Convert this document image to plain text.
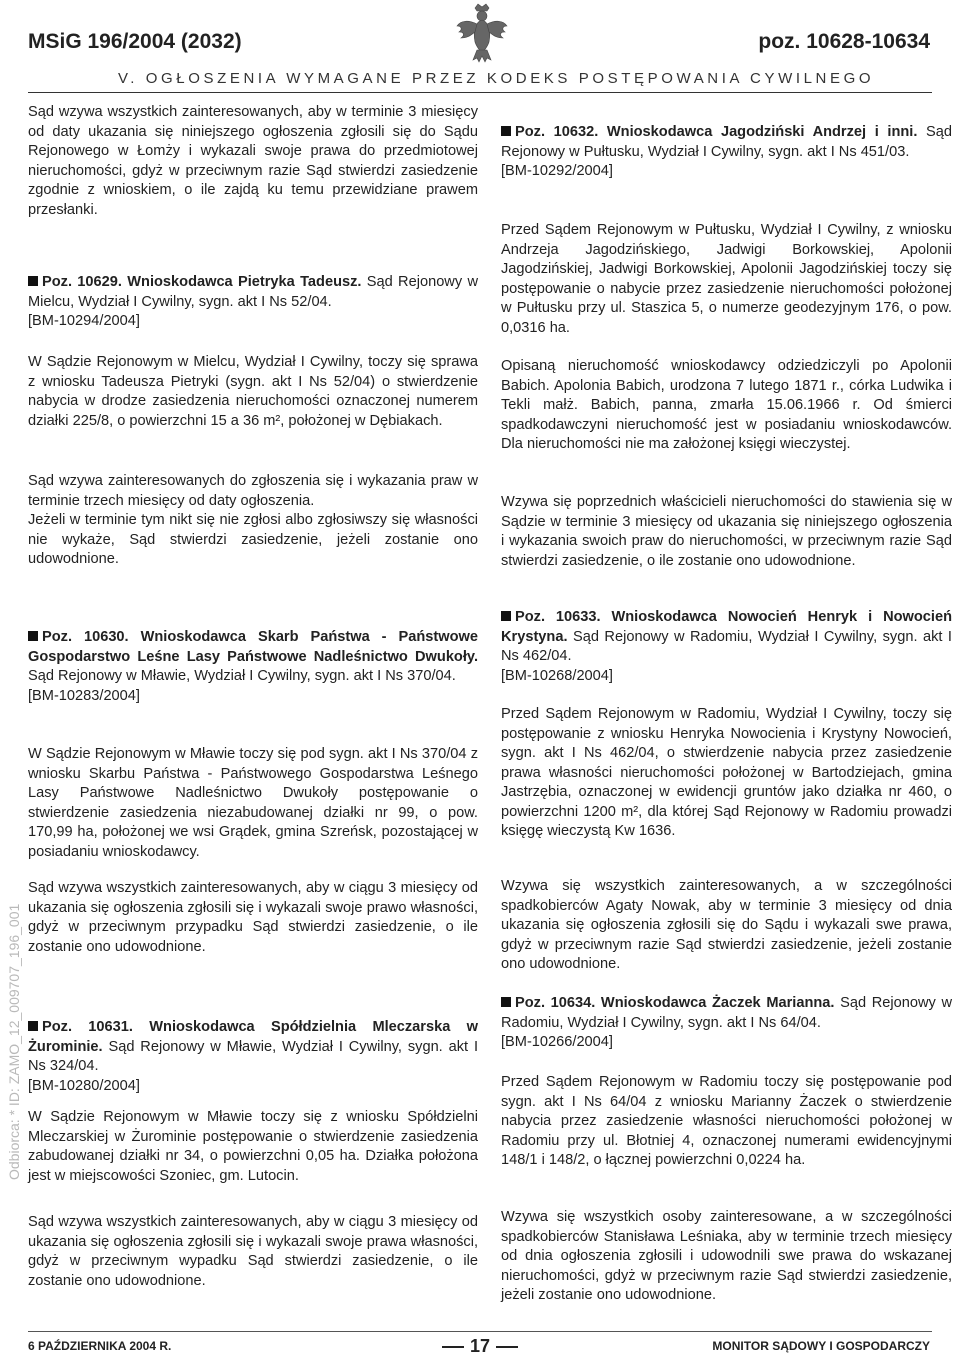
MSiG 196/2004 (2032)	poz. 10628-10634
V. OGŁOSZENIA WYMAGANE PRZEZ KODEKS POSTĘPOWANIA CYWILNEGO
Odbiorca: * ID: ZAMO_12_009707_196_001

Sąd wzywa wszystkich zainteresowanych, aby w terminie 3 miesięcy od daty ukazania się niniejszego ogłoszenia zgłosili się do Sądu Rejonowego w Łomży i wykazali swoje prawa do przedmiotowej nieruchomości, gdyż w przeciwnym razie Sąd stwierdzi zasiedzenie zgodnie z wnioskiem, o ile zajdą ku temu przewidziane prawem przesłanki.

Poz. 10629. Wnioskodawca Pietryka Tadeusz. Sąd Rejonowy w Mielcu, Wydział I Cywilny, sygn. akt I Ns 52/04.

[BM-10294/2004]

W Sądzie Rejonowym w Mielcu, Wydział I Cywilny, toczy się sprawa z wniosku Tadeusza Pietryki (sygn. akt I Ns 52/04) o stwierdzenie nabycia w drodze zasiedzenia nieruchomości oznaczonej numerem działki 225/8, o powierzchni 15 a 36 m², położonej w Dębiakach.

Sąd wzywa zainteresowanych do zgłoszenia się i wykazania praw w terminie trzech miesięcy od daty ogłoszenia.

Jeżeli w terminie tym nikt się nie zgłosi albo zgłosiwszy się własności nie wykaże, Sąd stwierdzi zasiedzenie, jeżeli zostanie ono udowodnione.

Poz. 10630. Wnioskodawca Skarb Państwa - Państwowe Gospodarstwo Leśne Lasy Państwowe Nadleśnictwo Dwukoły. Sąd Rejonowy w Mławie, Wydział I Cywilny, sygn. akt I Ns 370/04.

[BM-10283/2004]

W Sądzie Rejonowym w Mławie toczy się pod sygn. akt I Ns 370/04 z wniosku Skarbu Państwa - Państwowego Gospodarstwa Leśnego Lasy Państwowe Nadleśnictwo Dwukoły postępowanie o stwierdzenie zasiedzenia niezabudowanej działki nr 99, o pow. 170,99 ha, położonej we wsi Grądek, gmina Szreńsk, pozostającej w posiadaniu wnioskodawcy.

Sąd wzywa wszystkich zainteresowanych, aby w ciągu 3 miesięcy od ukazania się ogłoszenia zgłosili się i wykazali swoje prawo własności, gdyż w przeciwnym przypadku Sąd stwierdzi zasiedzenie, o ile zostanie ono udowodnione.

Poz. 10631. Wnioskodawca Spółdzielnia Mleczarska w Żurominie. Sąd Rejonowy w Mławie, Wydział I Cywilny, sygn. akt I Ns 324/04.

[BM-10280/2004]

W Sądzie Rejonowym w Mławie toczy się z wniosku Spółdzielni Mleczarskiej w Żurominie postępowanie o stwierdzenie zasiedzenia zabudowanej działki nr 34, o powierzchni 0,05 ha. Działka położona jest w miejscowości Szoniec, gm. Lutocin.

Sąd wzywa wszystkich zainteresowanych, aby w ciągu 3 miesięcy od ukazania się ogłoszenia zgłosili się i wykazali swoje prawa własności, gdyż w przeciwnym wypadku Sąd stwierdzi zasiedzenie, o ile zostanie ono udowodnione.

Poz. 10632. Wnioskodawca Jagodziński Andrzej i inni. Sąd Rejonowy w Pułtusku, Wydział I Cywilny, sygn. akt I Ns 451/03.

[BM-10292/2004]

Przed Sądem Rejonowym w Pułtusku, Wydział I Cywilny, z wniosku Andrzeja Jagodzińskiego, Jadwigi Borkowskiej, Apolonii Jagodzińskiej, Jadwigi Borkowskiej, Apolonii Jagodzińskiej toczy się postępowanie o nabycie przez zasiedzenie nieruchomości położonej w Pułtusku przy ul. Staszica 5, o numerze geodezyjnym 176, o pow. 0,0316 ha.

Opisaną nieruchomość wnioskodawcy odziedziczyli po Apolonii Babich. Apolonia Babich, urodzona 7 lutego 1871 r., córka Ludwika i Tekli małż. Babich, panna, zmarła 15.06.1966 r. Od śmierci spadkodawczyni nieruchomość jest w posiadaniu wnioskodawców. Dla nieruchomości nie ma założonej księgi wieczystej.

Wzywa się poprzednich właścicieli nieruchomości do stawienia się w Sądzie w terminie 3 miesięcy od ukazania się niniejszego ogłoszenia i wykazania swoich praw do nieruchomości, w przeciwnym razie Sąd stwierdzi zasiedzenie, o ile zostanie ono udowodnione.

Poz. 10633. Wnioskodawca Nowocień Henryk i Nowocień Krystyna. Sąd Rejonowy w Radomiu, Wydział I Cywilny, sygn. akt I Ns 462/04.

[BM-10268/2004]

Przed Sądem Rejonowym w Radomiu, Wydział I Cywilny, toczy się postępowanie z wniosku Henryka Nowocienia i Krystyny Nowocień, sygn. akt I Ns 462/04, o stwierdzenie nabycia przez zasiedzenie prawa własności nieruchomości położonej w Bartodziejach, gmina Jastrzębia, oznaczonej w ewidencji gruntów jako działka nr 460, o powierzchni 1200 m², dla której Sąd Rejonowy w Radomiu prowadzi księgę wieczystą Kw 1636.

Wzywa się wszystkich zainteresowanych, a w szczególności spadkobierców Agaty Nowak, aby w terminie 3 miesięcy od dnia ukazania się ogłoszenia zgłosili się do Sądu i wykazali swe prawa, gdyż w przeciwnym razie Sąd stwierdzi zasiedzenie, jeżeli zostanie ono udowodnione.

Poz. 10634. Wnioskodawca Żaczek Marianna. Sąd Rejonowy w Radomiu, Wydział I Cywilny, sygn. akt I Ns 64/04.

[BM-10266/2004]

Przed Sądem Rejonowym w Radomiu toczy się postępowanie pod sygn. akt I Ns 64/04 z wniosku Marianny Żaczek o stwierdzenie nabycia przez zasiedzenie własności nieruchomości położonej w Radomiu przy ul. Błotniej 4, oznaczonej numerami ewidencyjnymi 148/1 i 148/2, o łącznej powierzchni 0,0224 ha.

Wzywa się wszystkich osoby zainteresowane, a w szczególności spadkobierców Stanisława Leśniaka, aby w terminie trzech miesięcy od dnia ogłoszenia zgłosili i udowodnili swe prawa do wskazanej nieruchomości, gdyż w przeciwnym razie Sąd stwierdzi zasiedzenie, jeżeli zostanie ono udowodnione.

6 PAŹDZIERNIKA 2004 R.	17	MONITOR SĄDOWY I GOSPODARCZY
